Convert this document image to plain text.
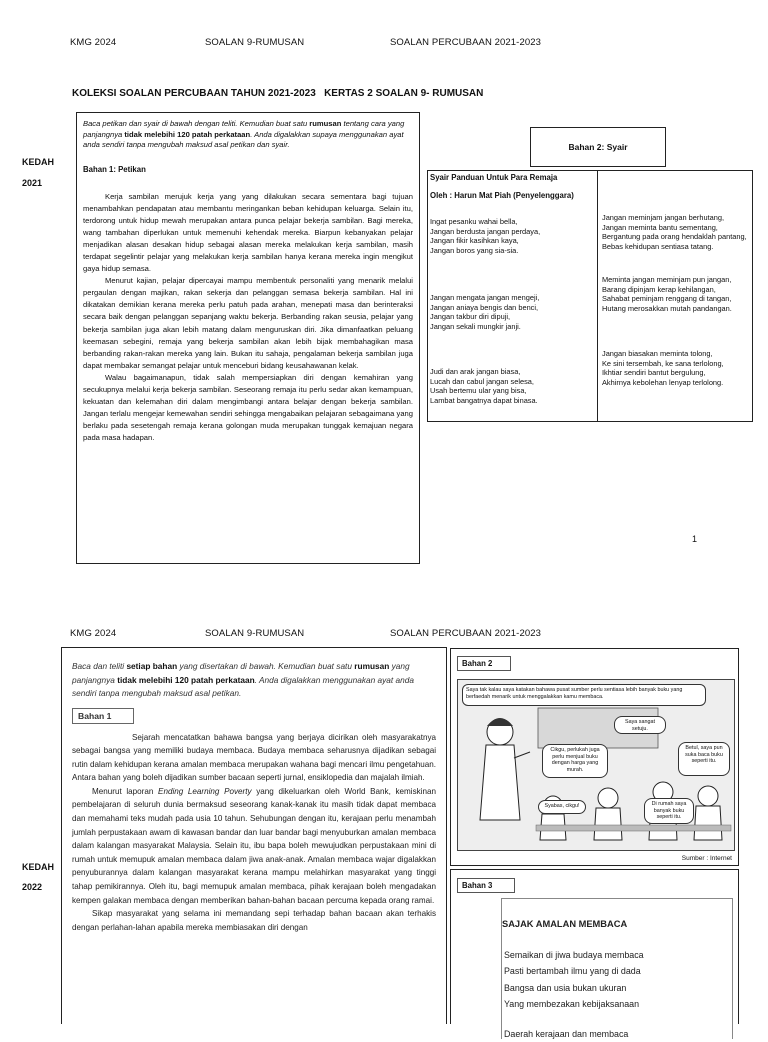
KMG 2024	SOALAN 9-RUMUSAN	SOALAN PERCUBAAN 2021-2023
KOLEKSI SOALAN PERCUBAAN TAHUN 2021-2023   KERTAS 2 SOALAN 9- RUMUSAN
KEDAH
2021

Baca petikan dan syair di bawah dengan teliti. Kemudian buat satu rumusan tentang cara yang panjangnya tidak melebihi 120 patah perkataan. Anda digalakkan supaya menggunakan ayat anda sendiri tanpa mengubah maksud asal petikan dan syair.

Bahan 1: Petikan

Kerja sambilan merujuk kerja yang yang dilakukan secara sementara bagi tujuan menambahkan pendapatan atau membantu meringankan beban kehidupan keluarga. Selain itu, terdorong untuk hidup mewah merupakan antara punca pelajar bekerja sambilan. Bagi mereka, wang tambahan diperlukan untuk memenuhi kehendak mereka. Biarpun kebanyakan pelajar menjadikan alasan desakan hidup sebagai alasan mereka melakukan kerja sambilan, masih terdapat segelintir pelajar yang melakukan kerja sambilan hanya kerana mereka ingin mengikut gaya hidup semasa.

Menurut kajian, pelajar dipercayai mampu membentuk personaliti yang menarik melalui pergaulan dengan majikan, rakan sekerja dan pelanggan semasa bekerja sambilan. Hal ini dikatakan demikian kerana mereka perlu patuh pada arahan, menepati masa dan berinteraksi secara baik dengan pelanggan sepanjang waktu bekerja. Berbanding rakan seusia, pelajar yang bekerja sambilan juga akan lebih matang dalam menguruskan diri. Jika dimanfaatkan peluang keemasan sebegini, remaja yang bekerja sambilan akan lebih bijak membahagikan masa berbanding rakan-rakan mereka yang lain. Bukan itu sahaja, pengalaman bekerja sambilan juga dapat membakar semangat pelajar untuk menceburi bidang keusahawanan kelak.

Walau bagaimanapun, tidak salah mempersiapkan diri dengan kemahiran yang secukupnya melalui kerja bekerja sambilan. Seseorang remaja itu perlu sedar akan kemampuan, kekuatan dan kelemahan diri dalam mengimbangi antara belajar dengan bekerja sambilan. Jangan terlalu mengejar kemewahan sendiri sehingga mengabaikan pelajaran sebagaimana yang berlaku pada sesetengah remaja kerana golongan muda merupakan tunggak kemajuan negara pada masa hadapan.

Bahan 2: Syair
Syair Panduan Untuk Para Remaja
Oleh : Harun Mat Piah (Penyelenggara)
Ingat pesanku wahai bella,
Jangan berdusta jangan perdaya,
Jangan fikir kasihkan kaya,
Jangan boros yang sia-sia.
Jangan mengata jangan mengeji,
Jangan aniaya bengis dan benci,
Jangan takbur diri dipuji,
Jangan sekali mungkir janji.
Judi dan arak jangan biasa,
Lucah dan cabul jangan selesa,
Usah bertemu ular yang bisa,
Lambat bangatnya dapat binasa.
Jangan meminjam jangan berhutang,
Jangan meminta bantu sementang,
Bergantung pada orang hendaklah pantang,
Bebas kehidupan sentiasa tatang.
Meminta jangan meminjam pun jangan,
Barang dipinjam kerap kehilangan,
Sahabat peminjam renggang di tangan,
Hutang merosakkan mutah pandangan.
Jangan biasakan meminta tolong,
Ke sini tersembah, ke sana terlolong,
Ikhtiar sendiri bantut bergulung,
Akhirnya kebolehan lenyap terlolong.
1
KMG 2024	SOALAN 9-RUMUSAN	SOALAN PERCUBAAN 2021-2023
KEDAH
2022

Baca dan teliti setiap bahan yang disertakan di bawah. Kemudian buat satu rumusan yang panjangnya tidak melebihi 120 patah perkataan. Anda digalakkan menggunakan ayat anda sendiri tanpa mengubah maksud asal petikan.

Bahan 1

Sejarah mencatatkan bahawa bangsa yang berjaya dicirikan oleh masyarakatnya sebagai bangsa yang memiliki budaya membaca. Budaya membaca seharusnya dijadikan sebagai rutin dalam kehidupan kerana amalan membaca merupakan wahana bagi mencari ilmu pengetahuan. Antara bahan yang boleh dijadikan sumber bacaan seperti jurnal, ensiklopedia dan majalah ilmiah.

Menurut laporan Ending Learning Poverty yang dikeluarkan oleh World Bank, kemiskinan pembelajaran di seluruh dunia bermaksud seseorang kanak-kanak itu masih tidak dapat membaca dan memahami teks mudah pada usia 10 tahun. Sehubungan dengan itu, kerajaan perlu menambah jumlah perpustakaan awam di kawasan bandar dan luar bandar bagi menyuburkan amalan membaca dalam kalangan masyarakat Malaysia. Selain itu, ibu bapa boleh mewujudkan perpustakaan mini di rumah untuk memupuk amalan membaca dalam jiwa anak-anak. Amalan membaca wajar digalakkan penyuburannya dalam kalangan masyarakat kerana mampu melahirkan masyarakat yang tinggi tahap pemikirannya. Oleh itu, bagi memupuk amalan membaca, pihak kerajaan boleh mengadakan kempen galakan membaca dengan memberikan bahan-bahan bacaan percuma kepada orang ramai.

Sikap masyarakat yang selama ini memandang sepi terhadap bahan bacaan akan terhakis dengan perlahan-lahan apabila mereka membiasakan diri dengan

Bahan 2
Saya tak kalau saya katakan bahawa pusat sumber perlu sentiasa lebih banyak buku yang berfaedah menarik untuk menggalakkan kamu membaca.
Saya sangat setuju.
Cikgu, perlukah juga perlu menjual buku dengan harga yang murah.
Betul, saya pun suka baca buku seperti itu.
Syabas, cikgu!	Di rumah saya banyak buku seperti itu.
Sumber : Internet
Bahan 3
SAJAK AMALAN MEMBACA
Semaikan di jiwa budaya membaca
Pasti bertambah ilmu yang di dada
Bangsa dan usia bukan ukuran
Yang membezakan kebijaksanaan
Daerah kerajaan dan membaca
